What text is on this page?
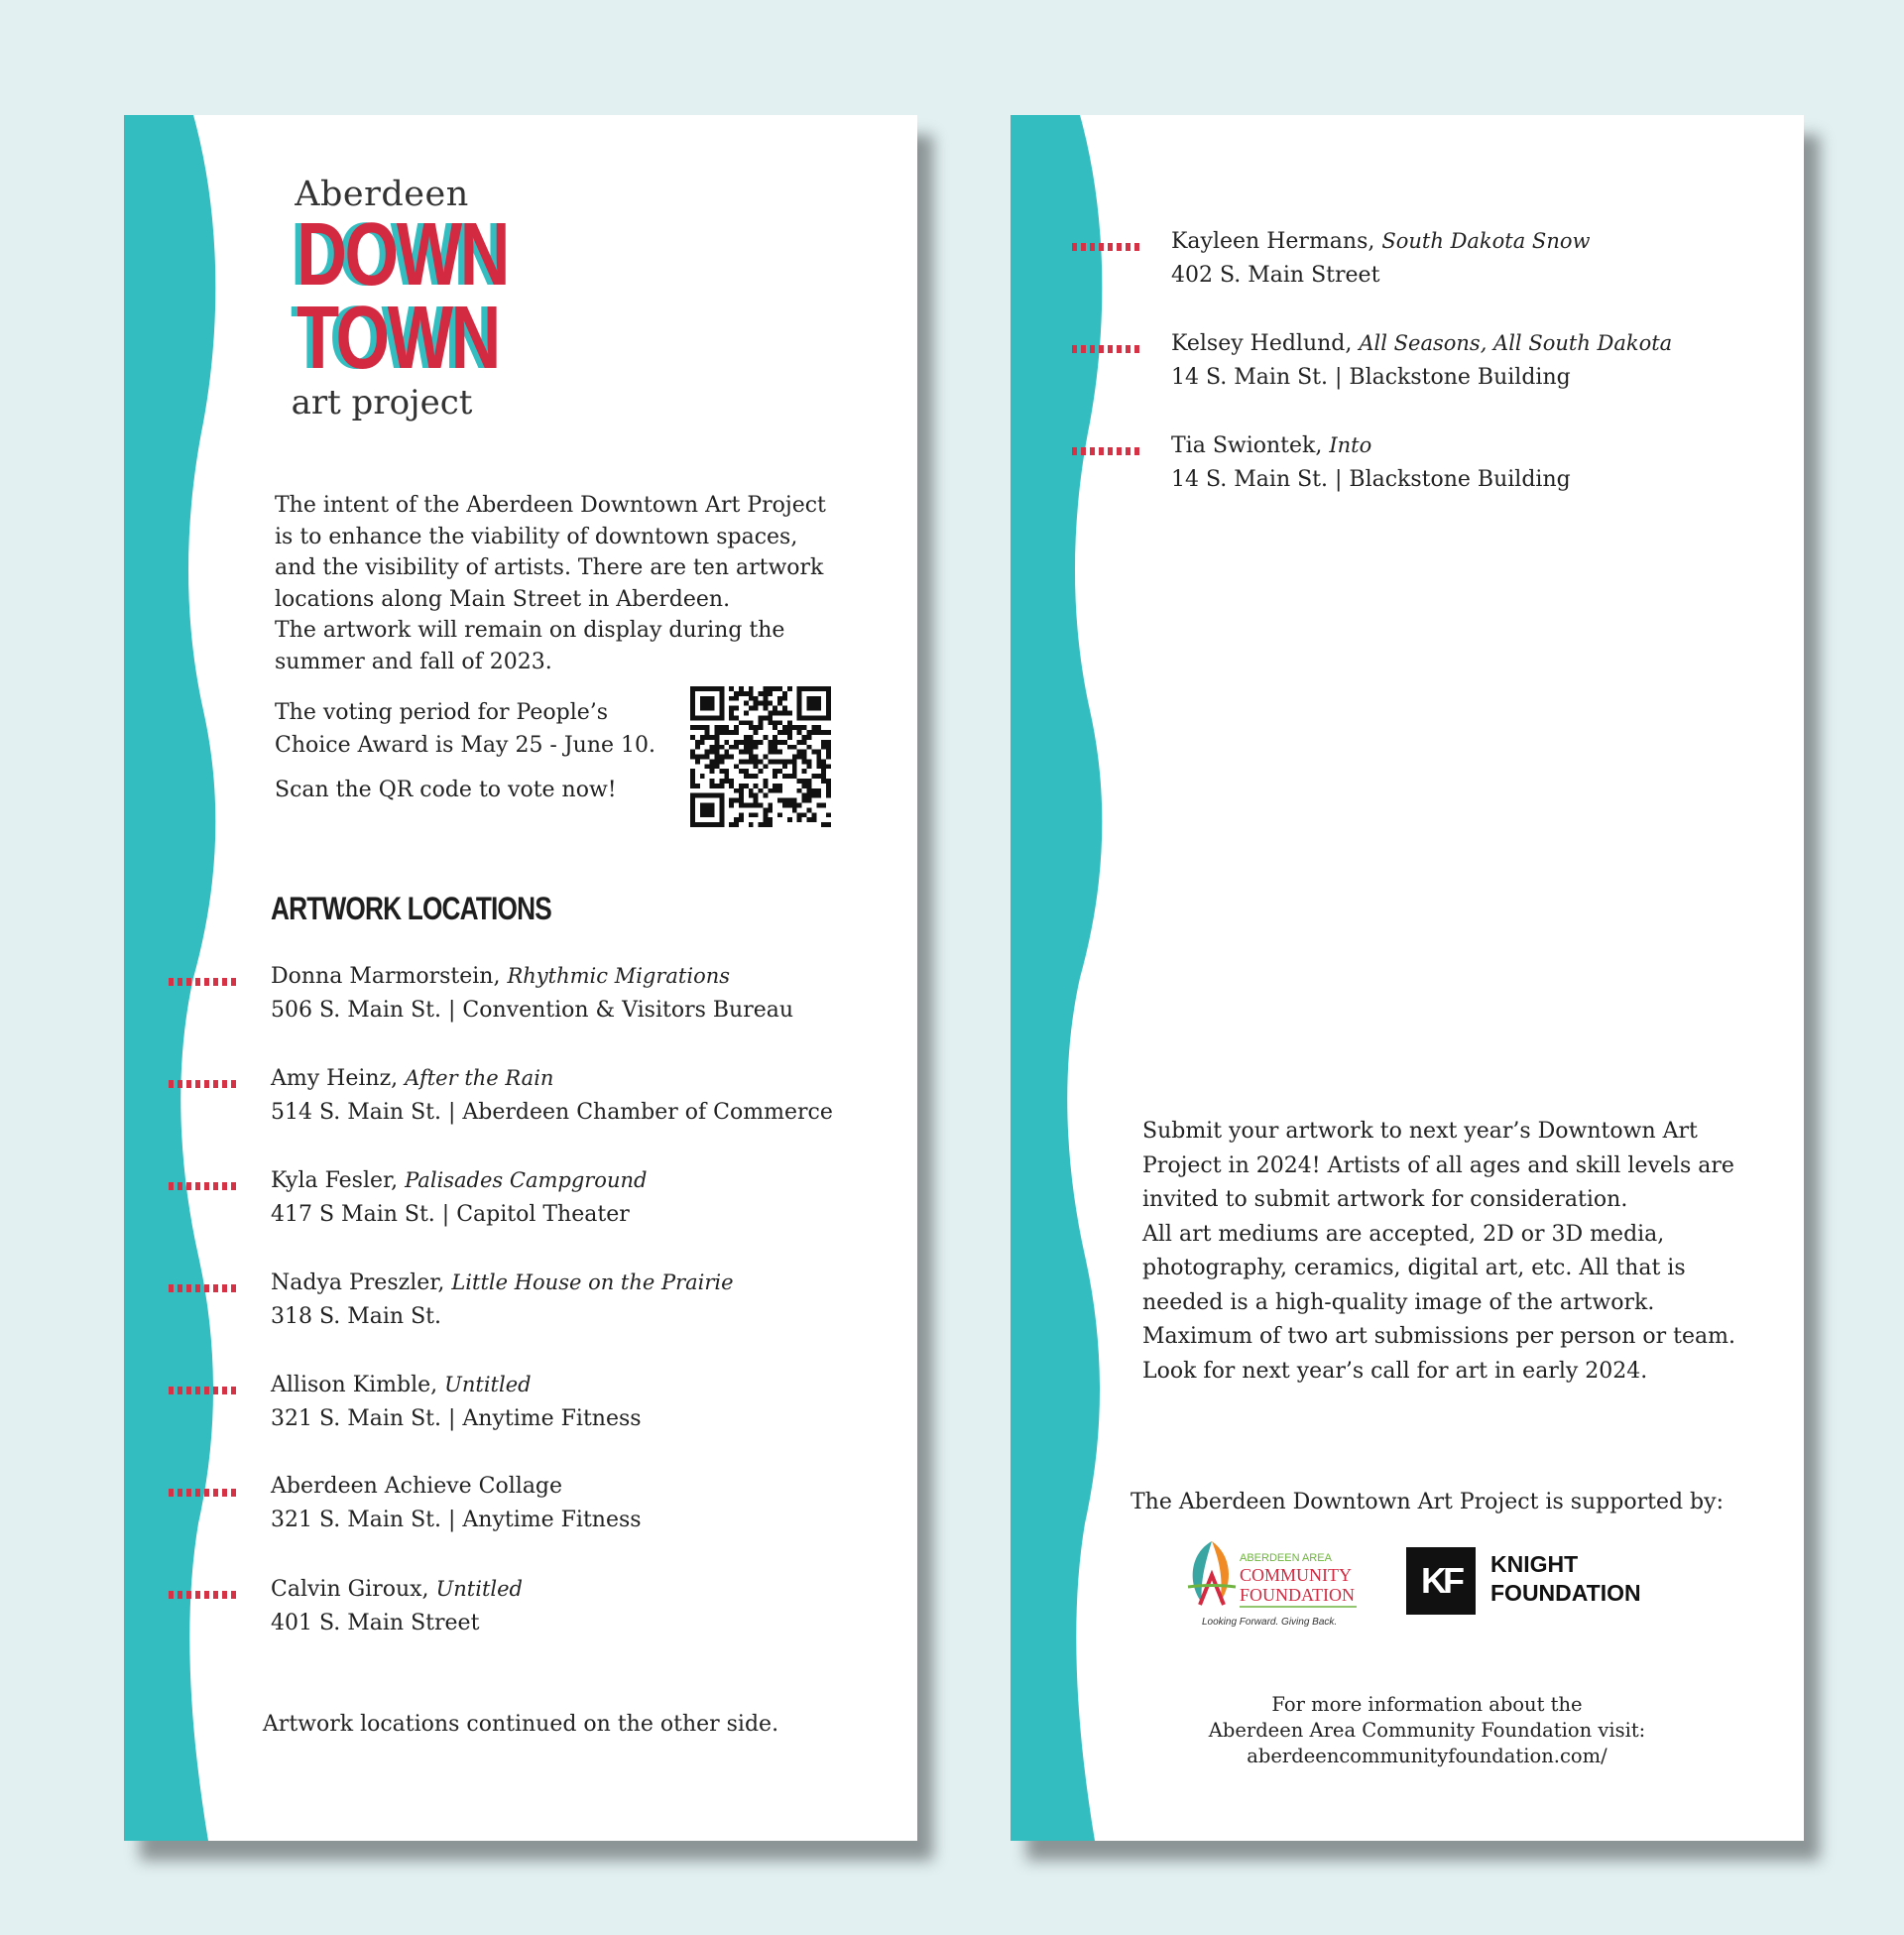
Aberdeen
DOWN
TOWN
art project
The intent of the Aberdeen Downtown Art Project
is to enhance the viability of downtown spaces,
and the visibility of artists. There are ten artwork
locations along Main Street in Aberdeen.
The artwork will remain on display during the
summer and fall of 2023.
The voting period for People’s
Choice Award is May 25 - June 10.
Scan the QR code to vote now!
ARTWORK LOCATIONS
Donna Marmorstein, Rhythmic Migrations
506 S. Main St. | Convention & Visitors Bureau
Amy Heinz, After the Rain
514 S. Main St. | Aberdeen Chamber of Commerce
Kyla Fesler, Palisades Campground
417 S Main St. | Capitol Theater
Nadya Preszler, Little House on the Prairie
318 S. Main St.
Allison Kimble, Untitled
321 S. Main St. | Anytime Fitness
Aberdeen Achieve Collage
321 S. Main St. | Anytime Fitness
Calvin Giroux, Untitled
401 S. Main Street
Artwork locations continued on the other side.
Kayleen Hermans, South Dakota Snow
402 S. Main Street
Kelsey Hedlund, All Seasons, All South Dakota
14 S. Main St. | Blackstone Building
Tia Swiontek, Into
14 S. Main St. | Blackstone Building
Submit your artwork to next year’s Downtown Art
Project in 2024! Artists of all ages and skill levels are
invited to submit artwork for consideration.
All art mediums are accepted, 2D or 3D media,
photography, ceramics, digital art, etc. All that is
needed is a high-quality image of the artwork.
Maximum of two art submissions per person or team.
Look for next year’s call for art in early 2024.
The Aberdeen Downtown Art Project is supported by:
ABERDEEN AREA
COMMUNITY
FOUNDATION
Looking Forward. Giving Back.
KF	KNIGHT
FOUNDATION
For more information about the
Aberdeen Area Community Foundation visit:
aberdeencommunityfoundation.com/
